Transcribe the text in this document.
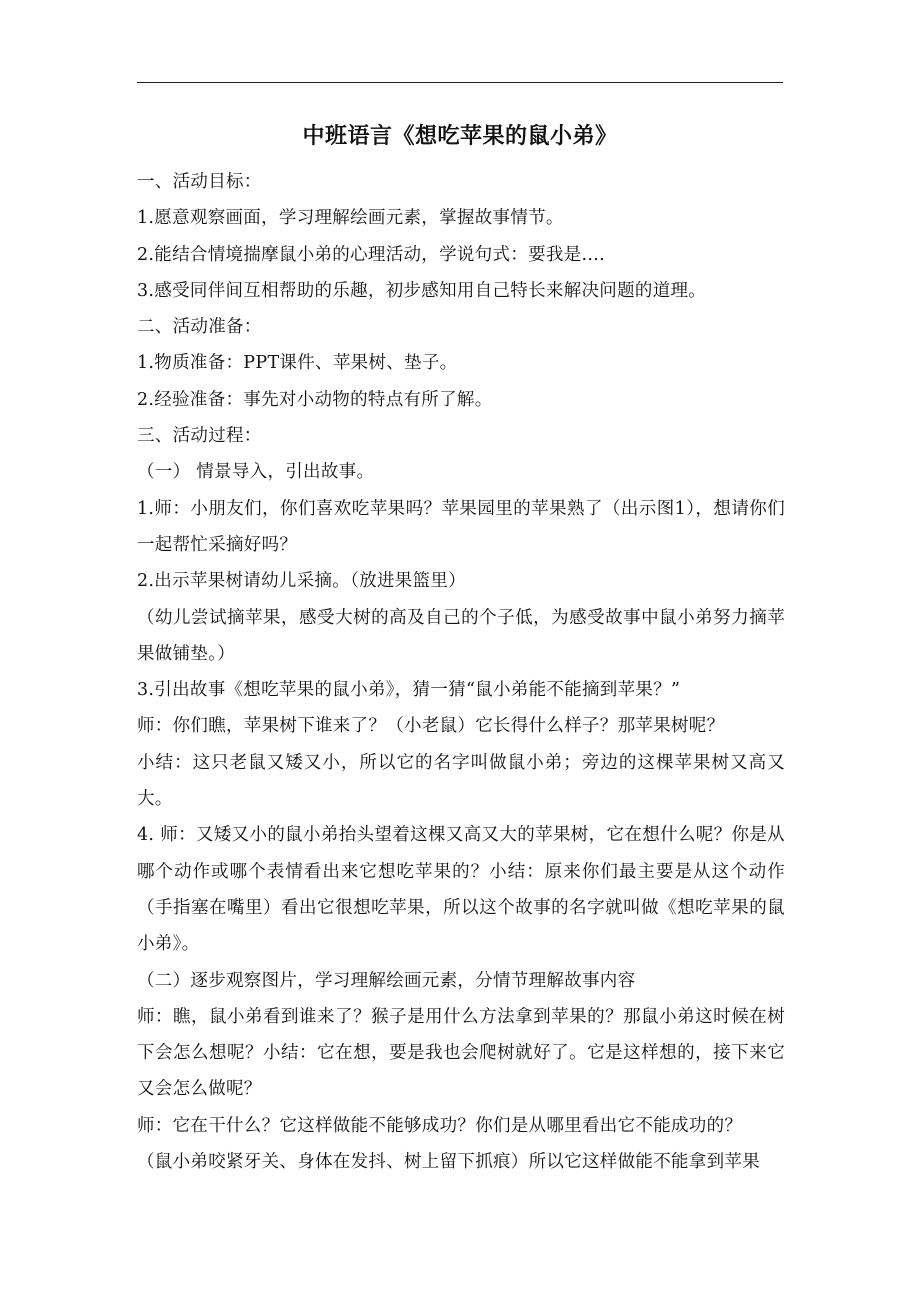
中班语言《想吃苹果的鼠小弟》

一、活动目标：

1.愿意观察画面，学习理解绘画元素，掌握故事情节。

2.能结合情境揣摩鼠小弟的心理活动，学说句式：要我是....

3.感受同伴间互相帮助的乐趣，初步感知用自己特长来解决问题的道理。

二、活动准备：

1.物质准备：PPT课件、苹果树、垫子。

2.经验准备：事先对小动物的特点有所了解。

三、活动过程：

（一） 情景导入，引出故事。

1.师：小朋友们，你们喜欢吃苹果吗？苹果园里的苹果熟了（出示图1），想请你们一起帮忙采摘好吗？

2.出示苹果树请幼儿采摘。（放进果篮里）

（幼儿尝试摘苹果，感受大树的高及自己的个子低，为感受故事中鼠小弟努力摘苹果做铺垫。）

3.引出故事《想吃苹果的鼠小弟》，猜一猜“鼠小弟能不能摘到苹果？”

师：你们瞧，苹果树下谁来了？（小老鼠）它长得什么样子？那苹果树呢？

小结：这只老鼠又矮又小，所以它的名字叫做鼠小弟；旁边的这棵苹果树又高又大。

4. 师：又矮又小的鼠小弟抬头望着这棵又高又大的苹果树，它在想什么呢？你是从哪个动作或哪个表情看出来它想吃苹果的？小结：原来你们最主要是从这个动作（手指塞在嘴里）看出它很想吃苹果，所以这个故事的名字就叫做《想吃苹果的鼠小弟》。

（二）逐步观察图片，学习理解绘画元素，分情节理解故事内容

师：瞧，鼠小弟看到谁来了？猴子是用什么方法拿到苹果的？那鼠小弟这时候在树下会怎么想呢？小结：它在想，要是我也会爬树就好了。它是这样想的，接下来它又会怎么做呢？

师：它在干什么？它这样做能不能够成功？你们是从哪里看出它不能成功的？

（鼠小弟咬紧牙关、身体在发抖、树上留下抓痕）所以它这样做能不能拿到苹果
